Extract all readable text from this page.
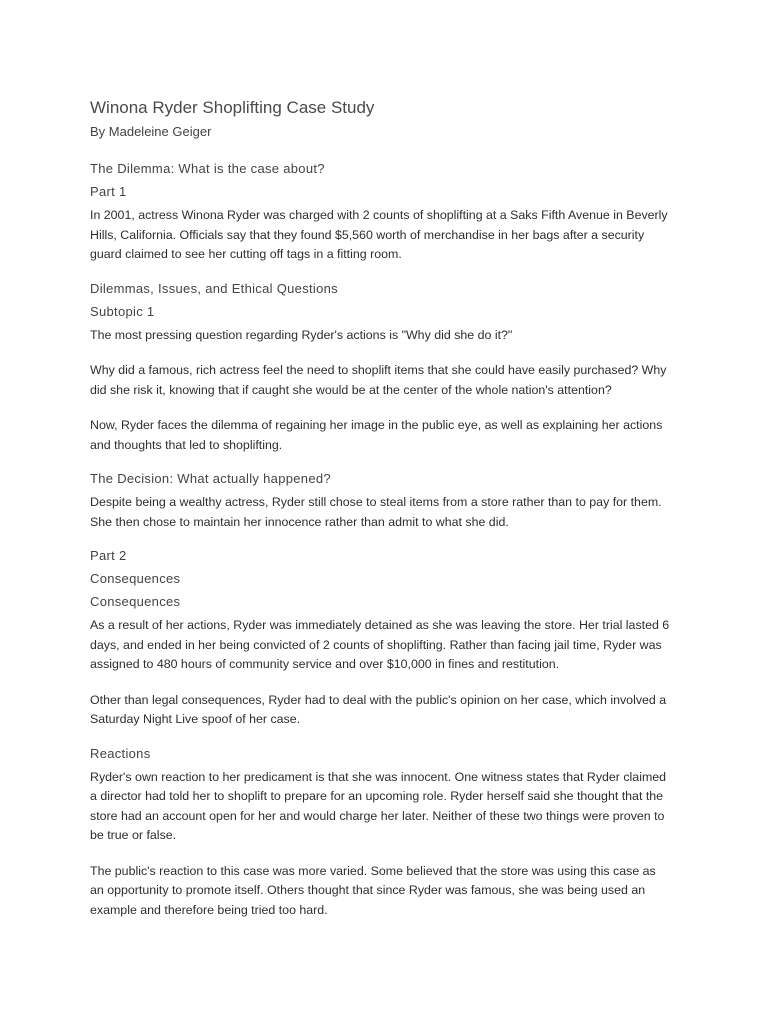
Winona Ryder Shoplifting Case Study
By Madeleine Geiger
The Dilemma: What is the case about?
Part 1
In 2001, actress Winona Ryder was charged with 2 counts of shoplifting at a Saks Fifth Avenue in Beverly
Hills, California. Officials say that they found $5,560 worth of merchandise in her bags after a security
guard claimed to see her cutting off tags in a fitting room.
Dilemmas, Issues, and Ethical Questions
Subtopic 1
The most pressing question regarding Ryder's actions is "Why did she do it?"
Why did a famous, rich actress feel the need to shoplift items that she could have easily purchased? Why
did she risk it, knowing that if caught she would be at the center of the whole nation's attention?
Now, Ryder faces the dilemma of regaining her image in the public eye, as well as explaining her actions
and thoughts that led to shoplifting.
The Decision: What actually happened?
Despite being a wealthy actress, Ryder still chose to steal items from a store rather than to pay for them.
She then chose to maintain her innocence rather than admit to what she did.
Part 2
Consequences
Consequences
As a result of her actions, Ryder was immediately detained as she was leaving the store. Her trial lasted 6
days, and ended in her being convicted of 2 counts of shoplifting. Rather than facing jail time, Ryder was
assigned to 480 hours of community service and over $10,000 in fines and restitution.
Other than legal consequences, Ryder had to deal with the public's opinion on her case, which involved a
Saturday Night Live spoof of her case.
Reactions
Ryder's own reaction to her predicament is that she was innocent. One witness states that Ryder claimed
a director had told her to shoplift to prepare for an upcoming role. Ryder herself said she thought that the
store had an account open for her and would charge her later. Neither of these two things were proven to
be true or false.
The public's reaction to this case was more varied. Some believed that the store was using this case as
an opportunity to promote itself. Others thought that since Ryder was famous, she was being used an
example and therefore being tried too hard.
